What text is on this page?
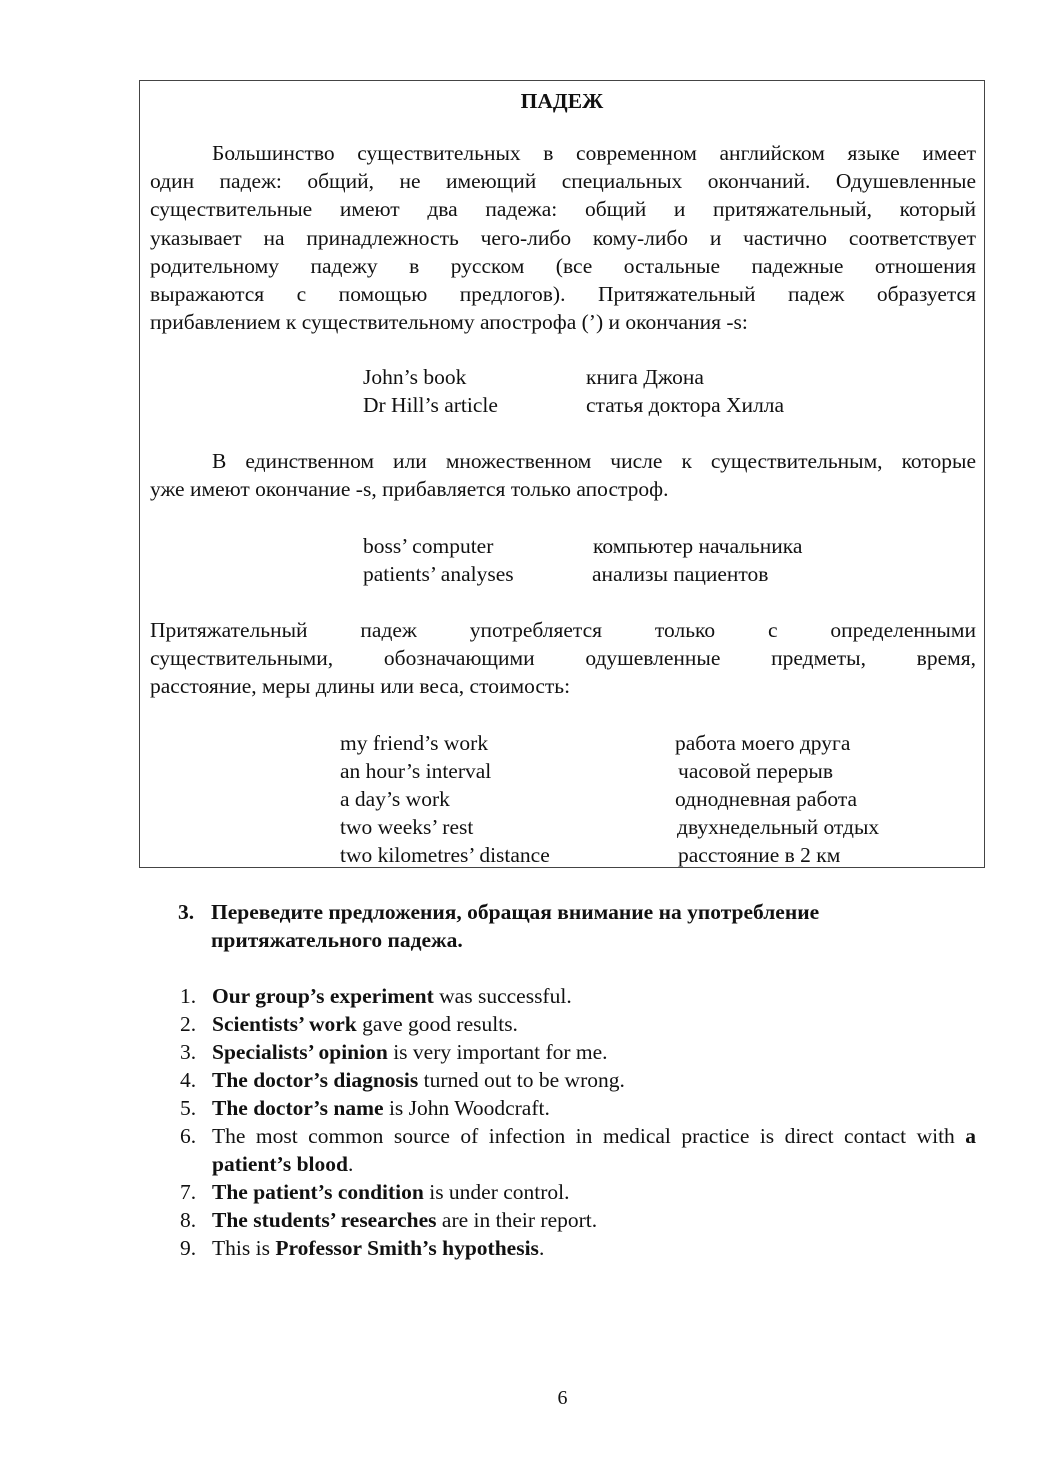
ПАДЕЖ

Большинство существительных в современном английском языке имеет
один падеж: общий, не имеющий специальных окончаний. Одушевленные
существительные имеют два падежа: общий и притяжательный, который
указывает на принадлежность чего-либо кому-либо и частично соответствует
родительному падежу в русском (все остальные падежные отношения
выражаются с помощью предлогов). Притяжательный падеж образуется
прибавлением к существительному апострофа (’) и окончания -s:

John’s book	книга Джона
Dr Hill’s article	статья доктора Хилла

В единственном или множественном числе к существительным, которые
уже имеют окончание -s, прибавляется только апостроф.

boss’ computer	компьютер начальника
patients’ analyses	анализы пациентов

Притяжательный падеж употребляется только с определенными
существительными, обозначающими одушевленные предметы, время,
расстояние, меры длины или веса, стоимость:

my friend’s work	работа моего друга
an hour’s interval	часовой перерыв
a day’s work	однодневная работа
two weeks’ rest	двухнедельный отдых
two kilometres’ distance	расстояние в 2 км
3. Переведите предложения, обращая внимание на употребление
притяжательного падежа.
1. Our group’s experiment was successful.
2. Scientists’ work gave good results.
3. Specialists’ opinion is very important for me.
4. The doctor’s diagnosis turned out to be wrong.
5. The doctor’s name is John Woodcraft.
6. The most common source of infection in medical practice is direct contact with a patient’s blood.
7. The patient’s condition is under control.
8. The students’ researches are in their report.
9. This is Professor Smith’s hypothesis.
6
